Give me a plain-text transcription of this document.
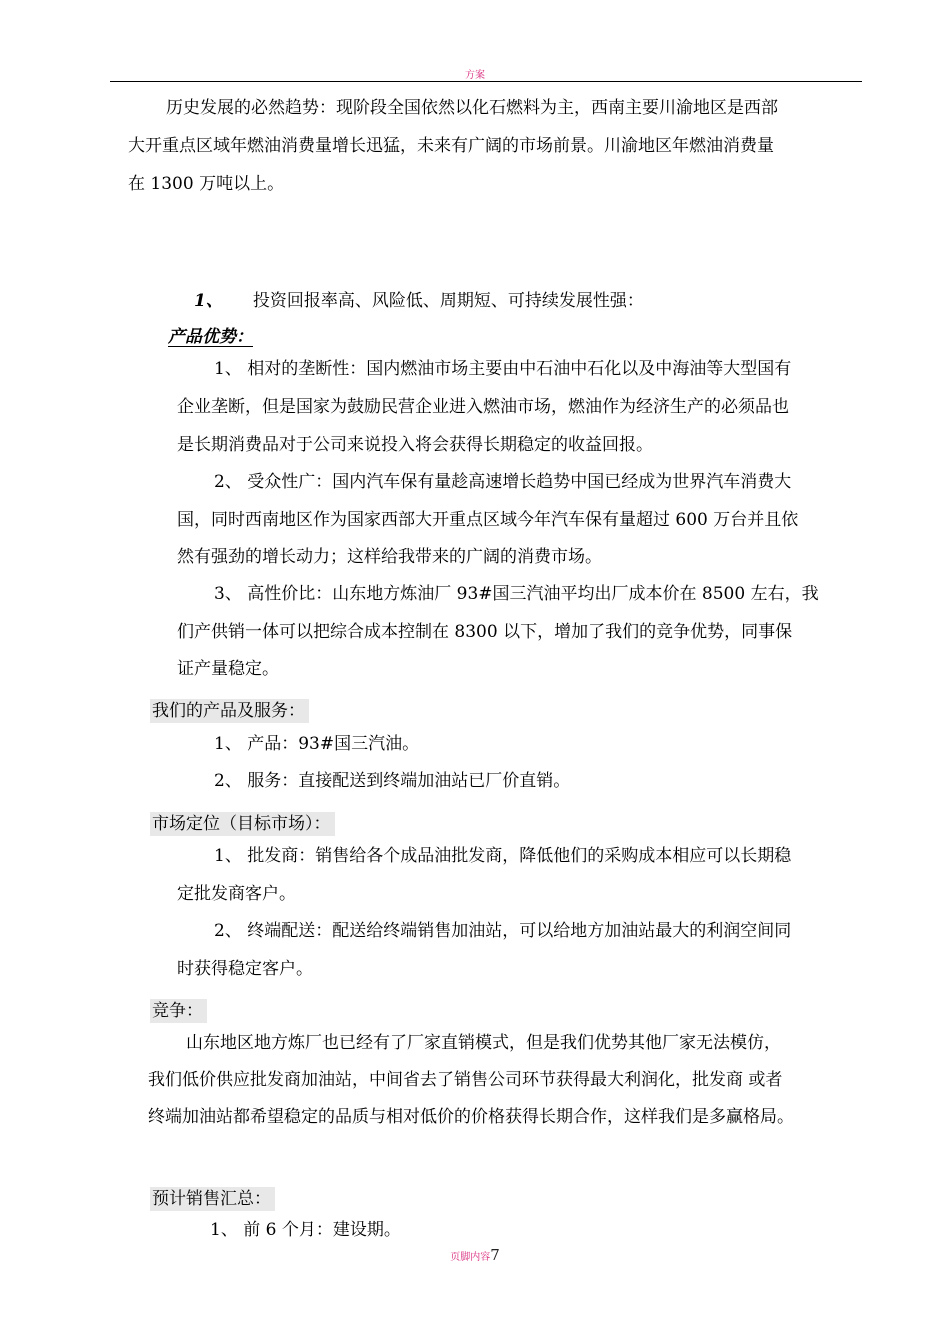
方案
历史发展的必然趋势：现阶段全国依然以化石燃料为主，西南主要川渝地区是西部
大开重点区域年燃油消费量增长迅猛，未来有广阔的市场前景。川渝地区年燃油消费量
在 1300 万吨以上。
1、 投资回报率高、风险低、周期短、可持续发展性强：
产品优势：
1、 相对的垄断性：国内燃油市场主要由中石油中石化以及中海油等大型国有
企业垄断，但是国家为鼓励民营企业进入燃油市场，燃油作为经济生产的必须品也
是长期消费品对于公司来说投入将会获得长期稳定的收益回报。
2、 受众性广：国内汽车保有量趁高速增长趋势中国已经成为世界汽车消费大
国，同时西南地区作为国家西部大开重点区域今年汽车保有量超过 600 万台并且依
然有强劲的增长动力；这样给我带来的广阔的消费市场。
3、 高性价比：山东地方炼油厂 93#国三汽油平均出厂成本价在 8500 左右，我
们产供销一体可以把综合成本控制在 8300 以下，增加了我们的竞争优势，同事保
证产量稳定。
我们的产品及服务：
1、 产品：93#国三汽油。
2、 服务：直接配送到终端加油站已厂价直销。
市场定位（目标市场）：
1、 批发商：销售给各个成品油批发商，降低他们的采购成本相应可以长期稳
定批发商客户。
2、 终端配送：配送给终端销售加油站，可以给地方加油站最大的利润空间同
时获得稳定客户。
竞争：
山东地区地方炼厂也已经有了厂家直销模式，但是我们优势其他厂家无法模仿，
我们低价供应批发商加油站，中间省去了销售公司环节获得最大利润化，批发商 或者
终端加油站都希望稳定的品质与相对低价的价格获得长期合作，这样我们是多赢格局。
预计销售汇总：
1、 前 6 个月：建设期。
页脚内容7
